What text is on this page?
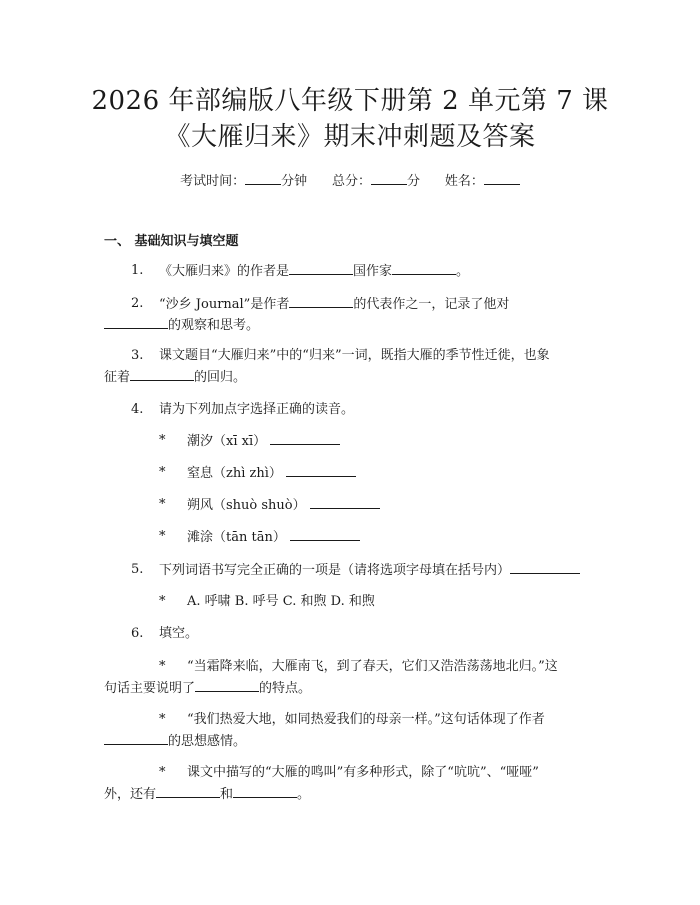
2026 年部编版八年级下册第 2 单元第 7 课
《大雁归来》期末冲刺题及答案
考试时间：	分钟 总分：	分 姓名：
一、 基础知识与填空题
1. 《大雁归来》的作者是	国作家	。
2. “沙乡 Journal”是作者	的代表作之一，记录了他对
的观察和思考。
3. 课文题目“大雁归来”中的“归来”一词，既指大雁的季节性迁徙，也象
征着	的回归。
4. 请为下列加点字选择正确的读音。
* 潮汐（xī xī）
* 窒息（zhì zhì）
* 朔风（shuò shuò）
* 滩涂（tān tān）
5. 下列词语书写完全正确的一项是（请将选项字母填在括号内）
* A. 呼啸 B. 呼号 C. 和煦 D. 和煦
6. 填空。
* “当霜降来临，大雁南飞，到了春天，它们又浩浩荡荡地北归。”这
句话主要说明了	的特点。
* “我们热爱大地，如同热爱我们的母亲一样。”这句话体现了作者
的思想感情。
* 课文中描写的“大雁的鸣叫”有多种形式，除了“吭吭”、“哑哑”
外，还有	和	。
